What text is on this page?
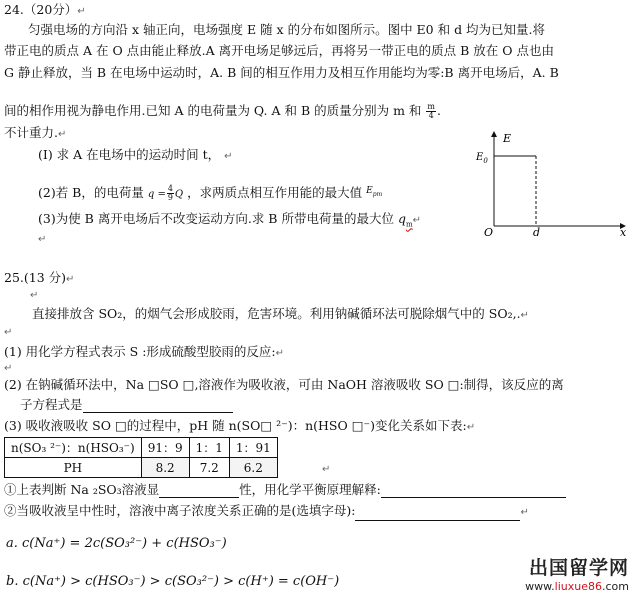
24.（20分）↵
匀强电场的方向沿 x 轴正向，电场强度 E 随 x 的分布如图所示。图中 E0 和 d 均为已知量.将
带正电的质点 A 在 O 点由能止释放.A 离开电场足够远后，再将另一带正电的质点 B 放在 O 点也由
G 静止释放，当 B 在电场中运动时，A. B 间的相互作用力及相互作用能均为零:B 离开电场后，A. B
间的相作用视为静电作用.已知 A 的电荷量为 Q. A 和 B 的质量分别为 m 和 $\frac{m}{4}$ .
不计重力.↵
(I) 求 A 在电场中的运动时间 t， ↵
(2)若 B，的电荷量 $q = \frac{4}{9}$ Q ，求两质点相互作用能的最大值 $^{E_{pm}}$
(3)为使 B 离开电场后不改变运动方向.求 B 所带电荷量的最大位 $q_m↵$
↵
E
$E_0$
O	d	x
25.(13 分)↵
↵
直接排放含 SO₂，的烟气会形成胶雨，危害环境。利用钠碱循环法可脱除烟气中的 SO₂,.↵
↵
(1) 用化学方程式表示 S :形成硫酸型胶雨的反应:↵
↵
(2) 在钠碱循环法中，Na □SO □,溶液作为吸收液，可由 NaOH 溶液吸收 SO □:制得，该反应的离
子方程式是
(3) 吸收液吸收 SO □的过程中，pH 随 n(SO□ ²⁻)：n(HSO □⁻)变化关系如下表:↵
n(SO₃ ²⁻)：n(HSO₃⁻)	91：9	1：1	1：91
PH	8.2	7.2	6.2	↵
①上表判断 Na ₂SO₃溶液显	性，用化学平衡原理解释:
②当吸收液呈中性时，溶液中离子浓度关系正确的是(选填字母):	↵
a. c(Na⁺) = 2c(SO₃²⁻) + c(HSO₃⁻)
b. c(Na⁺) > c(HSO₃⁻) > c(SO₃²⁻) > c(H⁺) = c(OH⁻)
出国留学网
www.liuxue86.com
